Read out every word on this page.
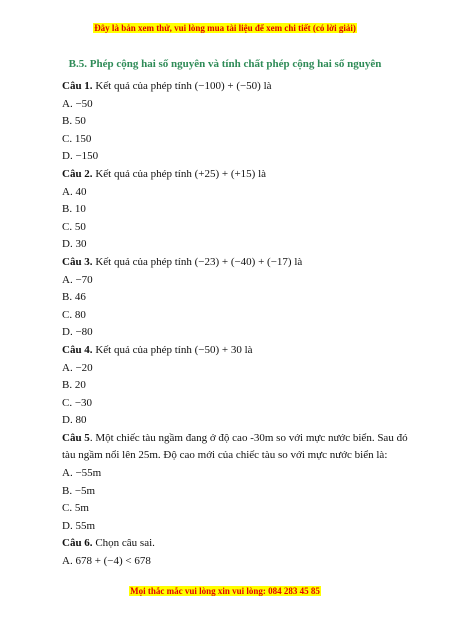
Đây là bản xem thử, vui lòng mua tài liệu để xem chi tiết (có lời giải)
B.5. Phép cộng hai số nguyên và tính chất phép cộng hai số nguyên
Câu 1. Kết quả của phép tính (−100) + (−50) là
A. −50
B. 50
C. 150
D. −150
Câu 2. Kết quả của phép tính (+25) + (+15) là
A. 40
B. 10
C. 50
D. 30
Câu 3. Kết quả của phép tính (−23) + (−40) + (−17) là
A. −70
B. 46
C. 80
D. −80
Câu 4. Kết quả của phép tính (−50) + 30 là
A. −20
B. 20
C. −30
D. 80
Câu 5. Một chiếc tàu ngầm đang ở độ cao -30m so với mực nước biển. Sau đó
tàu ngầm nổi lên 25m. Độ cao mới của chiếc tàu so với mực nước biển là:
A. −55m
B. −5m
C. 5m
D. 55m
Câu 6. Chọn câu sai.
A. 678 + (−4) < 678
Mọi thắc mắc vui lòng xin vui lòng: 084 283 45 85
